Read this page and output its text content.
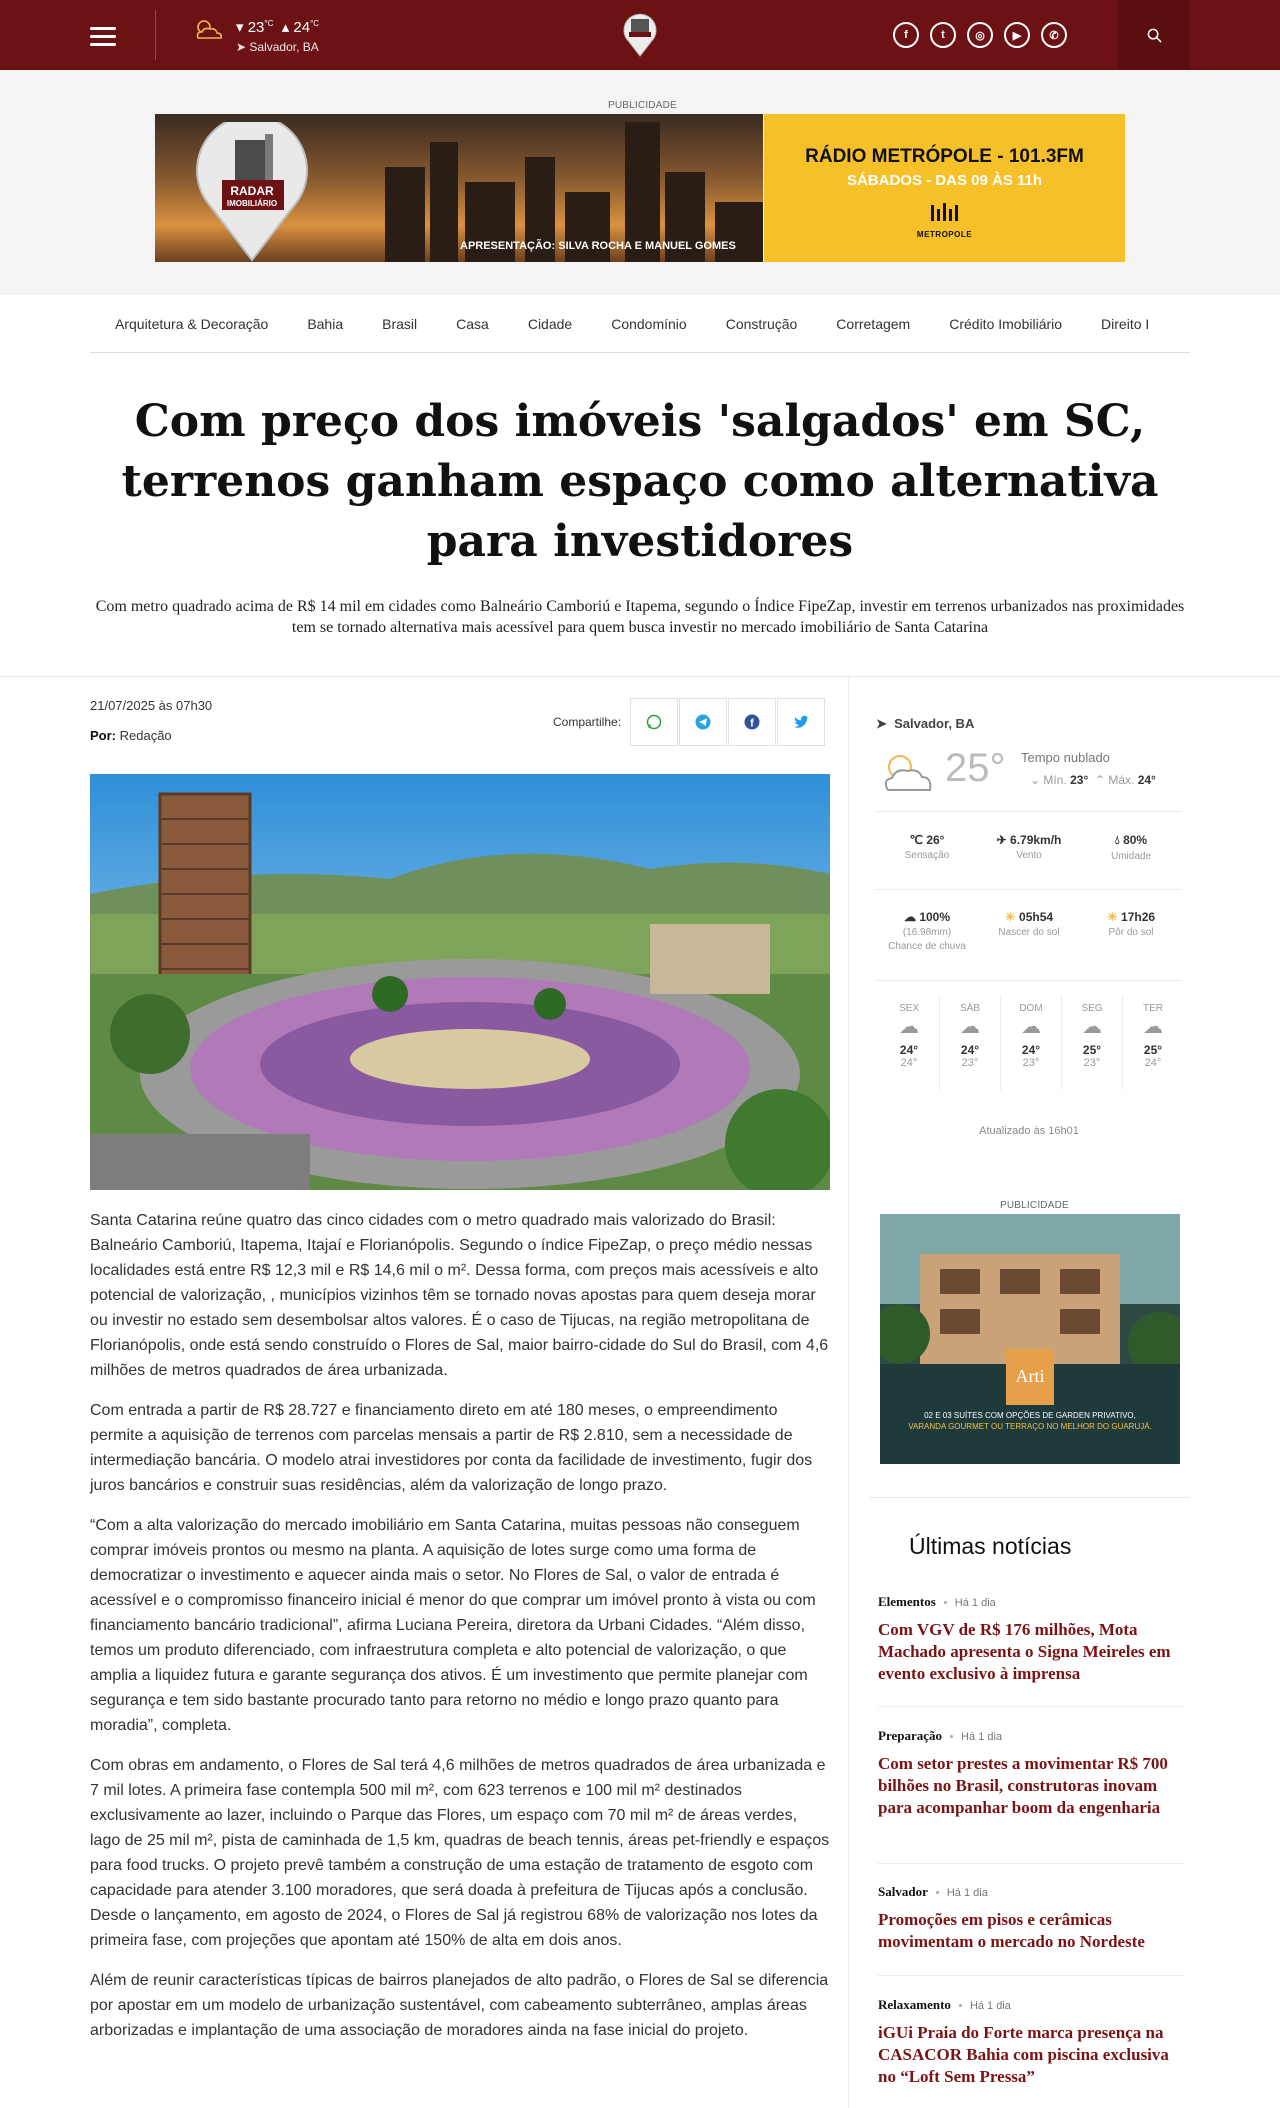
▾ $23^{^\circ C}$ ▴ $24^{^\circ C}$
➤ Salvador, BA
f	t	◎	▶	✆
PUBLICIDADE
RADAR
IMOBILIÁRIO
APRESENTAÇÃO: SILVA ROCHA E MANUEL GOMES
RÁDIO METRÓPOLE - 101.3FM
SÁBADOS - DAS 09 ÀS 11h
METROPOLE
Arquitetura & Decoração	Bahia	Brasil	Casa	Cidade	Condomínio	Construção	Corretagem	Crédito Imobiliário	Direito I
Com preço dos imóveis 'salgados' em SC, terrenos ganham espaço como alternativa para investidores

Com metro quadrado acima de R$ 14 mil em cidades como Balneário Camboriú e Itapema, segundo o Índice FipeZap, investir em terrenos urbanizados nas proximidades tem se tornado alternativa mais acessível para quem busca investir no mercado imobiliário de Santa Catarina

21/07/2025 às 07h30
Por: Redação
Compartilhe:	f

Santa Catarina reúne quatro das cinco cidades com o metro quadrado mais valorizado do Brasil: Balneário Camboriú, Itapema, Itajaí e Florianópolis. Segundo o índice FipeZap, o preço médio nessas localidades está entre R$ 12,3 mil e R$ 14,6 mil o m². Dessa forma, com preços mais acessíveis e alto potencial de valorização, , municípios vizinhos têm se tornado novas apostas para quem deseja morar ou investir no estado sem desembolsar altos valores. É o caso de Tijucas, na região metropolitana de Florianópolis, onde está sendo construído o Flores de Sal, maior bairro-cidade do Sul do Brasil, com 4,6 milhões de metros quadrados de área urbanizada.

Com entrada a partir de R$ 28.727 e financiamento direto em até 180 meses, o empreendimento permite a aquisição de terrenos com parcelas mensais a partir de R$ 2.810, sem a necessidade de intermediação bancária. O modelo atrai investidores por conta da facilidade de investimento, fugir dos juros bancários e construir suas residências, além da valorização de longo prazo.

“Com a alta valorização do mercado imobiliário em Santa Catarina, muitas pessoas não conseguem comprar imóveis prontos ou mesmo na planta. A aquisição de lotes surge como uma forma de democratizar o investimento e aquecer ainda mais o setor. No Flores de Sal, o valor de entrada é acessível e o compromisso financeiro inicial é menor do que comprar um imóvel pronto à vista ou com financiamento bancário tradicional”, afirma Luciana Pereira, diretora da Urbani Cidades. “Além disso, temos um produto diferenciado, com infraestrutura completa e alto potencial de valorização, o que amplia a liquidez futura e garante segurança dos ativos. É um investimento que permite planejar com segurança e tem sido bastante procurado tanto para retorno no médio e longo prazo quanto para moradia”, completa.

Com obras em andamento, o Flores de Sal terá 4,6 milhões de metros quadrados de área urbanizada e 7 mil lotes. A primeira fase contempla 500 mil m², com 623 terrenos e 100 mil m² destinados exclusivamente ao lazer, incluindo o Parque das Flores, um espaço com 70 mil m² de áreas verdes, lago de 25 mil m², pista de caminhada de 1,5 km, quadras de beach tennis, áreas pet-friendly e espaços para food trucks. O projeto prevê também a construção de uma estação de tratamento de esgoto com capacidade para atender 3.100 moradores, que será doada à prefeitura de Tijucas após a conclusão. Desde o lançamento, em agosto de 2024, o Flores de Sal já registrou 68% de valorização nos lotes da primeira fase, com projeções que apontam até 150% de alta em dois anos.

Além de reunir características típicas de bairros planejados de alto padrão, o Flores de Sal se diferencia por apostar em um modelo de urbanização sustentável, com cabeamento subterrâneo, amplas áreas arborizadas e implantação de uma associação de moradores ainda na fase inicial do projeto.

➤ Salvador, BA
25° Tempo nublado
⌄ Mín. 23° ⌃ Máx. 24°
℃ 26°
Sensação
✈ 6.79km/h
Vento
💧︎ 80%
Umidade
☁ 100%
(16.98mm)
Chance de chuva
☀ 05h54
Nascer do sol
☀ 17h26
Pôr do sol
SEX
☁
24°
24°
SÁB
☁
24°
23°
DOM
☁
24°
23°
SEG
☁
25°
23°
TER
☁
25°
24°
Atualizado às 16h01
PUBLICIDADE
Arti
02 E 03 SUÍTES COM OPÇÕES DE GARDEN PRIVATIVO,
VARANDA GOURMET OU TERRAÇO NO MELHOR DO GUARUJÁ.
Últimas notícias
Elementos Há 1 dia
Com VGV de R$ 176 milhões, Mota Machado apresenta o Signa Meireles em evento exclusivo à imprensa
Preparação Há 1 dia
Com setor prestes a movimentar R$ 700 bilhões no Brasil, construtoras inovam para acompanhar boom da engenharia
Salvador Há 1 dia
Promoções em pisos e cerâmicas movimentam o mercado no Nordeste
Relaxamento Há 1 dia
iGUi Praia do Forte marca presença na CASACOR Bahia com piscina exclusiva no “Loft Sem Pressa”
